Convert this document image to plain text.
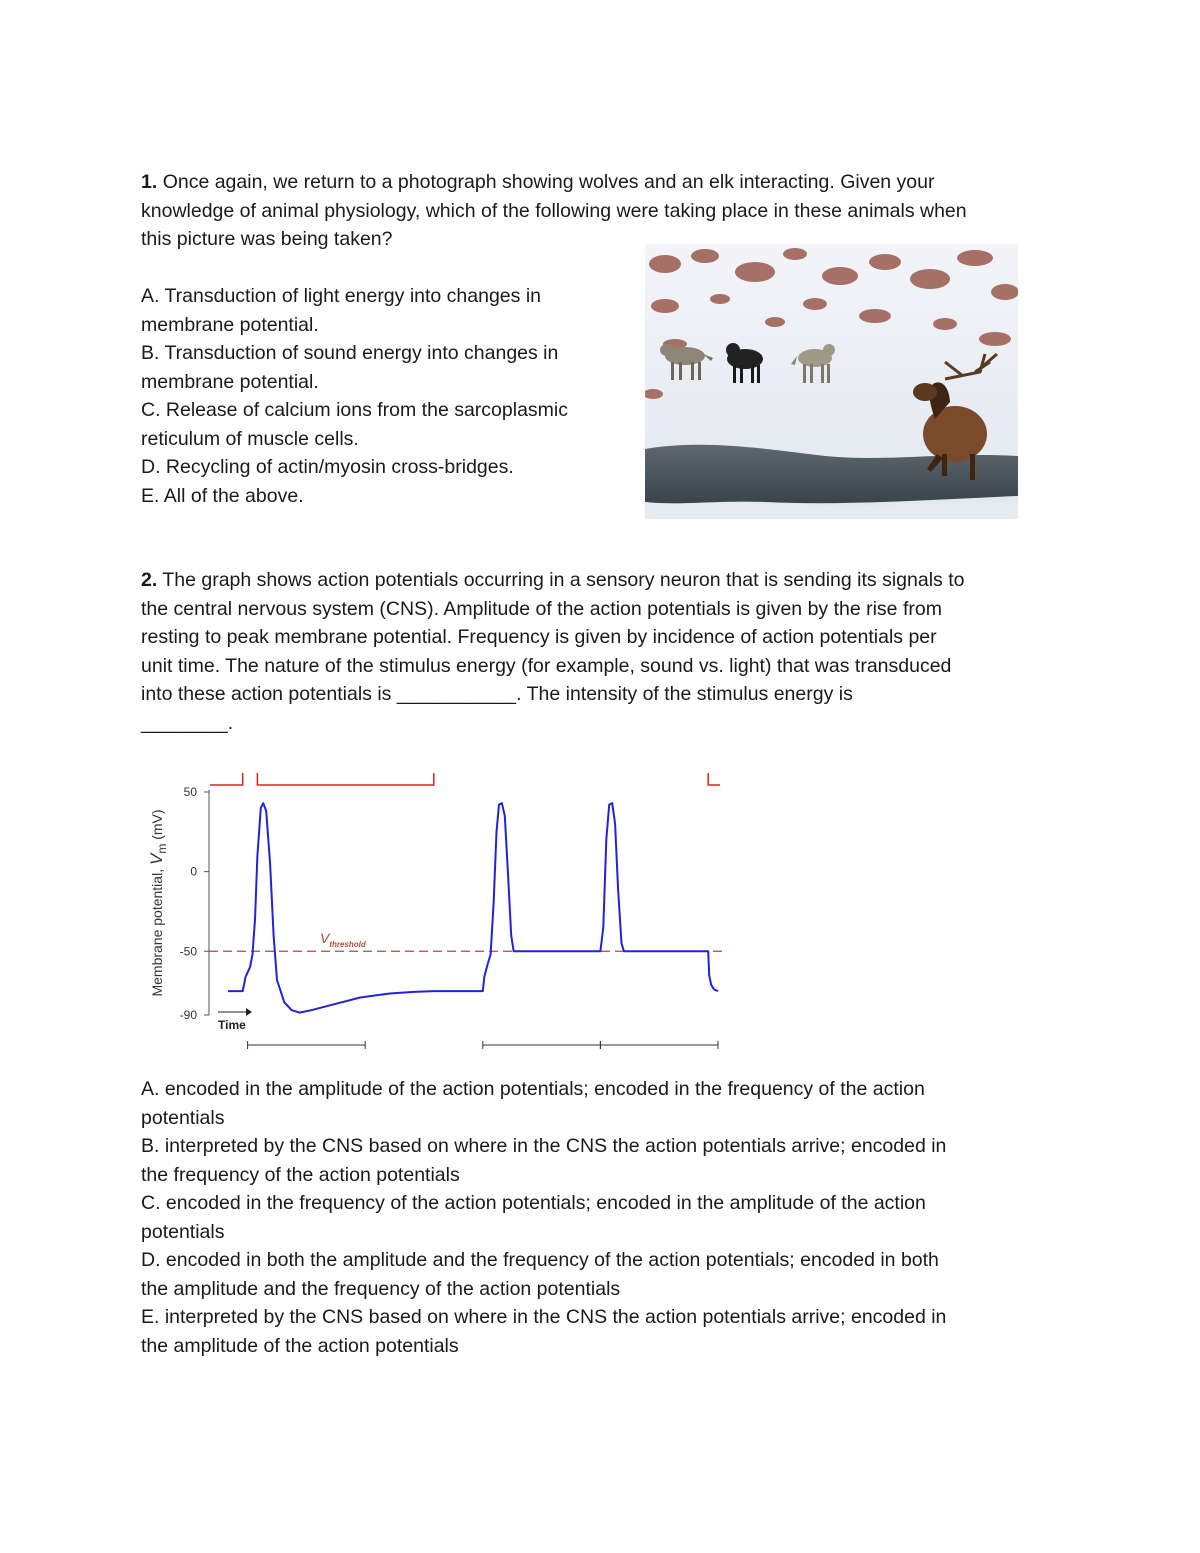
1. Once again, we return to a photograph showing wolves and an elk interacting. Given your
knowledge of animal physiology, which of the following were taking place in these animals when
this picture was being taken?
A. Transduction of light energy into changes in
membrane potential.
B. Transduction of sound energy into changes in
membrane potential.
C. Release of calcium ions from the sarcoplasmic
reticulum of muscle cells.
D. Recycling of actin/myosin cross-bridges.
E. All of the above.
2. The graph shows action potentials occurring in a sensory neuron that is sending its signals to
the central nervous system (CNS). Amplitude of the action potentials is given by the rise from
resting to peak membrane potential. Frequency is given by incidence of action potentials per
unit time. The nature of the stimulus energy (for example, sound vs. light) that was transduced
into these action potentials is ___________. The intensity of the stimulus energy is
________.
50
0
-50
-90
$V_{threshold}$
Membrane potential, Vm (mV)
Time
A. encoded in the amplitude of the action potentials; encoded in the frequency of the action
potentials
B. interpreted by the CNS based on where in the CNS the action potentials arrive; encoded in
the frequency of the action potentials
C. encoded in the frequency of the action potentials; encoded in the amplitude of the action
potentials
D. encoded in both the amplitude and the frequency of the action potentials; encoded in both
the amplitude and the frequency of the action potentials
E. interpreted by the CNS based on where in the CNS the action potentials arrive; encoded in
the amplitude of the action potentials
